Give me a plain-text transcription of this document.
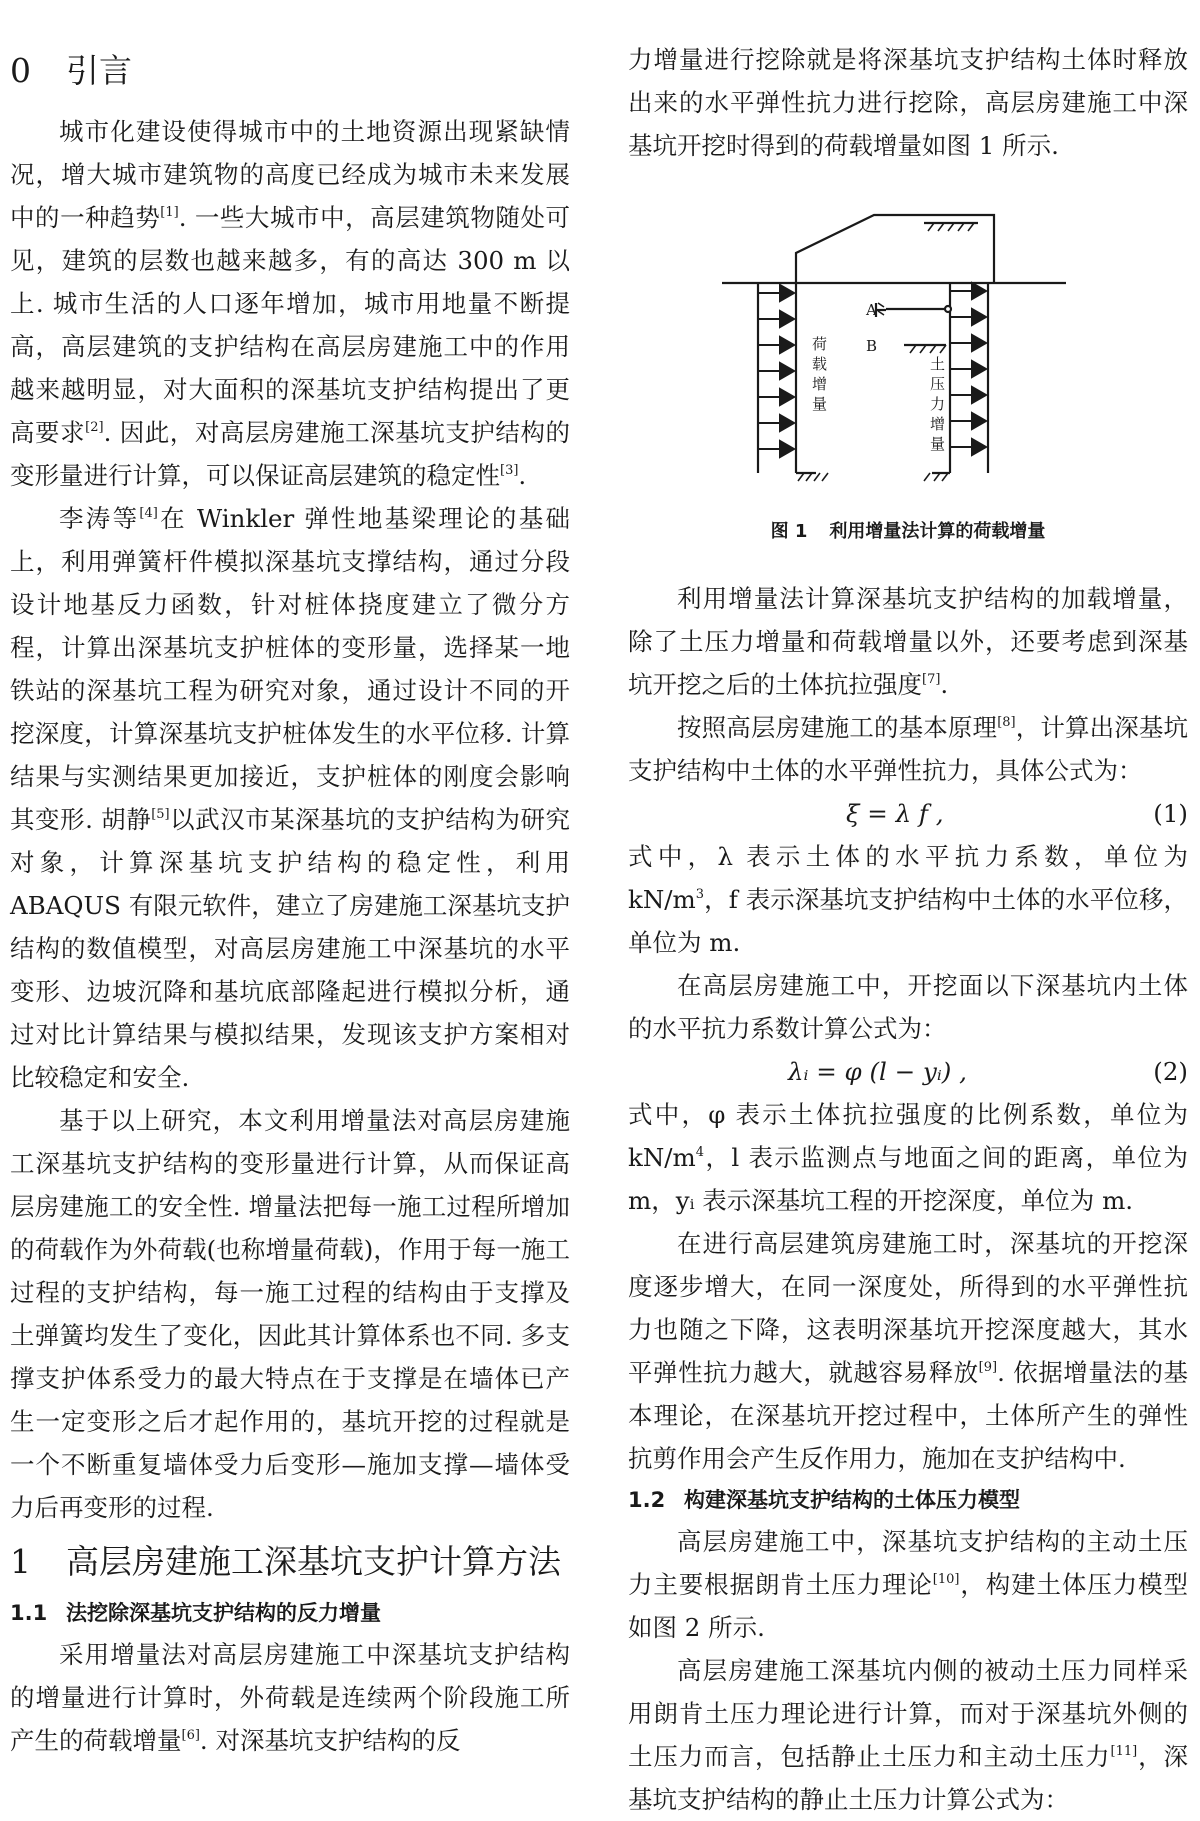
0 引言

城市化建设使得城市中的土地资源出现紧缺情况，增大城市建筑物的高度已经成为城市未来发展中的一种趋势[1]. 一些大城市中，高层建筑物随处可见，建筑的层数也越来越多，有的高达 300 m 以上. 城市生活的人口逐年增加，城市用地量不断提高，高层建筑的支护结构在高层房建施工中的作用越来越明显，对大面积的深基坑支护结构提出了更高要求[2]. 因此，对高层房建施工深基坑支护结构的变形量进行计算，可以保证高层建筑的稳定性[3].

李涛等[4]在 Winkler 弹性地基梁理论的基础上，利用弹簧杆件模拟深基坑支撑结构，通过分段设计地基反力函数，针对桩体挠度建立了微分方程，计算出深基坑支护桩体的变形量，选择某一地铁站的深基坑工程为研究对象，通过设计不同的开挖深度，计算深基坑支护桩体发生的水平位移. 计算结果与实测结果更加接近，支护桩体的刚度会影响其变形. 胡静[5]以武汉市某深基坑的支护结构为研究对象，计算深基坑支护结构的稳定性，利用 ABAQUS 有限元软件，建立了房建施工深基坑支护结构的数值模型，对高层房建施工中深基坑的水平变形、边坡沉降和基坑底部隆起进行模拟分析，通过对比计算结果与模拟结果，发现该支护方案相对比较稳定和安全.

基于以上研究，本文利用增量法对高层房建施工深基坑支护结构的变形量进行计算，从而保证高层房建施工的安全性. 增量法把每一施工过程所增加的荷载作为外荷载(也称增量荷载)，作用于每一施工过程的支护结构，每一施工过程的结构由于支撑及土弹簧均发生了变化，因此其计算体系也不同. 多支撑支护体系受力的最大特点在于支撑是在墙体已产生一定变形之后才起作用的，基坑开挖的过程就是一个不断重复墙体受力后变形—施加支撑—墙体受力后再变形的过程.

1 高层房建施工深基坑支护计算方法
1.1 法挖除深基坑支护结构的反力增量

采用增量法对高层房建施工中深基坑支护结构的增量进行计算时，外荷载是连续两个阶段施工所产生的荷载增量[6]. 对深基坑支护结构的反

力增量进行挖除就是将深基坑支护结构土体时释放出来的水平弹性抗力进行挖除，高层房建施工中深基坑开挖时得到的荷载增量如图 1 所示.

A
B
荷
载
增
量
土
压
力
增
量
图 1 利用增量法计算的荷载增量

利用增量法计算深基坑支护结构的加载增量，除了土压力增量和荷载增量以外，还要考虑到深基坑开挖之后的土体抗拉强度[7].

按照高层房建施工的基本原理[8]，计算出深基坑支护结构中土体的水平弹性抗力，具体公式为：

ξ = λ f ,	(1)

式中，λ 表示土体的水平抗力系数，单位为 $kN/m^3$，f 表示深基坑支护结构中土体的水平位移，单位为 m.

在高层房建施工中，开挖面以下深基坑内土体的水平抗力系数计算公式为：

λᵢ = φ (l − yᵢ) ,	(2)

式中，φ 表示土体抗拉强度的比例系数，单位为 $kN/m^4$，l 表示监测点与地面之间的距离，单位为 m，yᵢ 表示深基坑工程的开挖深度，单位为 m.

在进行高层建筑房建施工时，深基坑的开挖深度逐步增大，在同一深度处，所得到的水平弹性抗力也随之下降，这表明深基坑开挖深度越大，其水平弹性抗力越大，就越容易释放[9]. 依据增量法的基本理论，在深基坑开挖过程中，土体所产生的弹性抗剪作用会产生反作用力，施加在支护结构中.

1.2 构建深基坑支护结构的土体压力模型

高层房建施工中，深基坑支护结构的主动土压力主要根据朗肯土压力理论[10]，构建土体压力模型如图 2 所示.

高层房建施工深基坑内侧的被动土压力同样采用朗肯土压力理论进行计算，而对于深基坑外侧的土压力而言，包括静止土压力和主动土压力[11]，深基坑支护结构的静止土压力计算公式为：
